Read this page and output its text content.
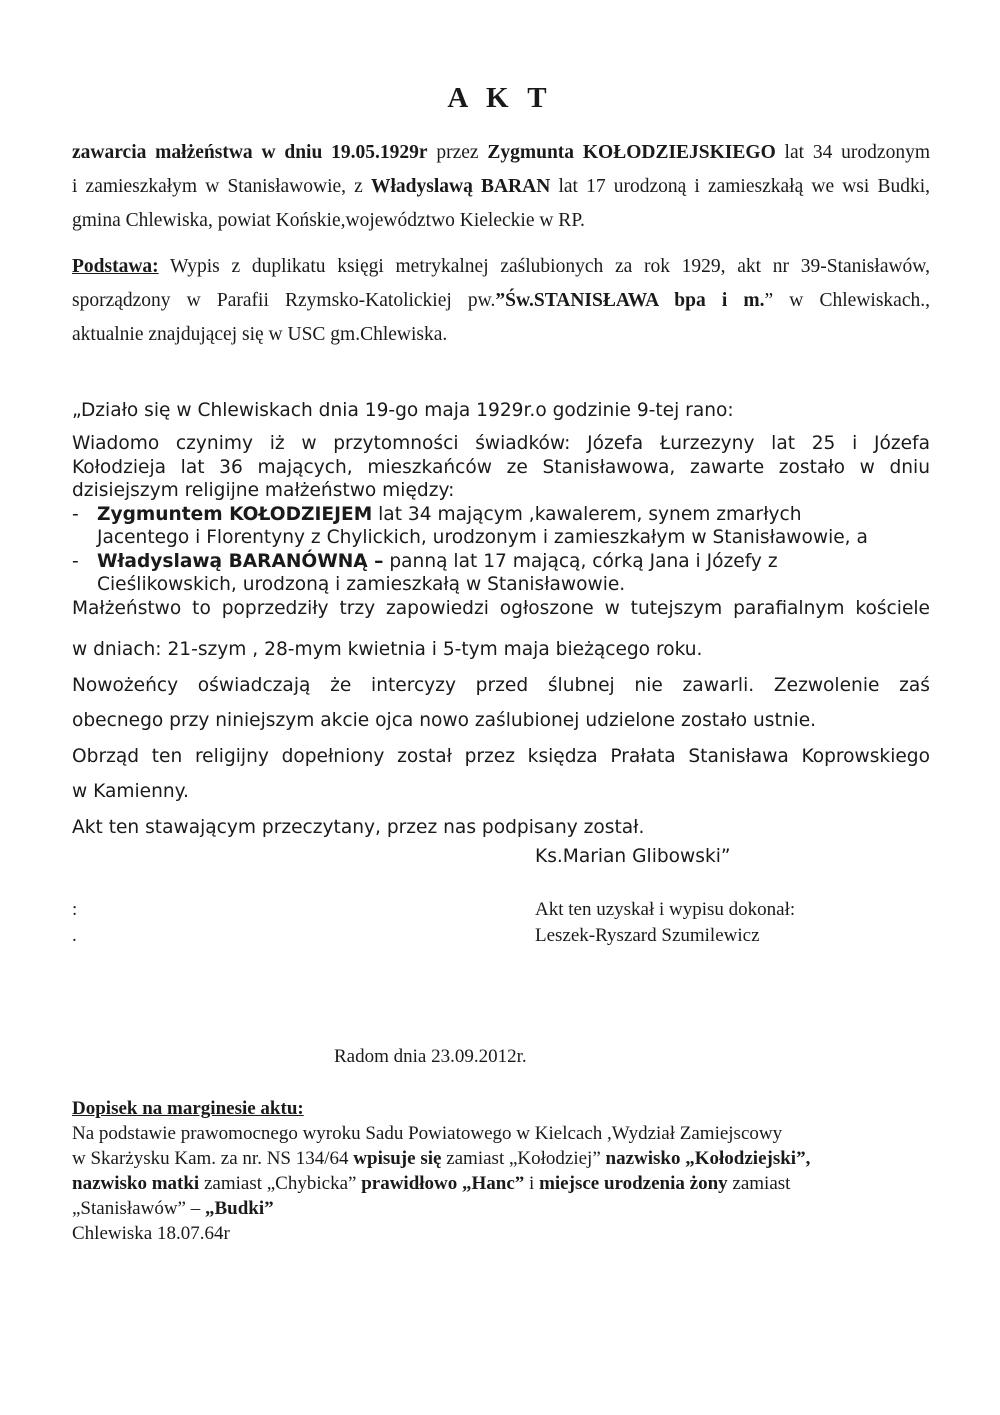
A K T

zawarcia małżeństwa w dniu 19.05.1929r przez Zygmunta KOŁODZIEJSKIEGO lat 34 urodzonym

i zamieszkałym w Stanisławowie, z Władyslawą BARAN lat 17 urodzoną i zamieszkałą we wsi Budki,

gmina Chlewiska, powiat Końskie,województwo Kieleckie w RP.

Podstawa: Wypis z duplikatu księgi metrykalnej zaślubionych za rok 1929, akt nr 39-Stanisławów,

sporządzony w Parafii Rzymsko-Katolickiej pw.”Św.STANISŁAWA bpa i m.” w Chlewiskach.,

aktualnie znajdującej się w USC gm.Chlewiska.

„Działo się w Chlewiskach dnia 19-go maja 1929r.o godzinie 9-tej rano:

Wiadomo czynimy iż w przytomności świadków: Józefa Łurzezyny lat 25 i Józefa

Kołodzieja lat 36 mających, mieszkańców ze Stanisławowa, zawarte zostało w dniu

dzisiejszym religijne małżeństwo między:

- Zygmuntem KOŁODZIEJEM lat 34 mającym ,kawalerem, synem zmarłych
Jacentego i Florentyny z Chylickich, urodzonym i zamieszkałym w Stanisławowie, a
- Władyslawą BARANÓWNĄ – panną lat 17 mającą, córką Jana i Józefy z
Cieślikowskich, urodzoną i zamieszkałą w Stanisławowie.

Małżeństwo to poprzedziły trzy zapowiedzi ogłoszone w tutejszym parafialnym kościele

w dniach: 21-szym , 28-mym kwietnia i 5-tym maja bieżącego roku.

Nowożeńcy oświadczają że intercyzy przed ślubnej nie zawarli. Zezwolenie zaś

obecnego przy niniejszym akcie ojca nowo zaślubionej udzielone zostało ustnie.

Obrząd ten religijny dopełniony został przez księdza Prałata Stanisława Koprowskiego

w Kamienny.

Akt ten stawającym przeczytany, przez nas podpisany został.

Ks.Marian Glibowski”
:
.
Akt ten uzyskał i wypisu dokonał:
Leszek-Ryszard Szumilewicz
Radom dnia 23.09.2012r.

Dopisek na marginesie aktu:

Na podstawie prawomocnego wyroku Sadu Powiatowego w Kielcach ,Wydział Zamiejscowy

w Skarżysku Kam. za nr. NS 134/64 wpisuje się zamiast „Kołodziej” nazwisko „Kołodziejski”,

nazwisko matki zamiast „Chybicka” prawidłowo „Hanc” i miejsce urodzenia żony zamiast

„Stanisławów” – „Budki”

Chlewiska 18.07.64r
